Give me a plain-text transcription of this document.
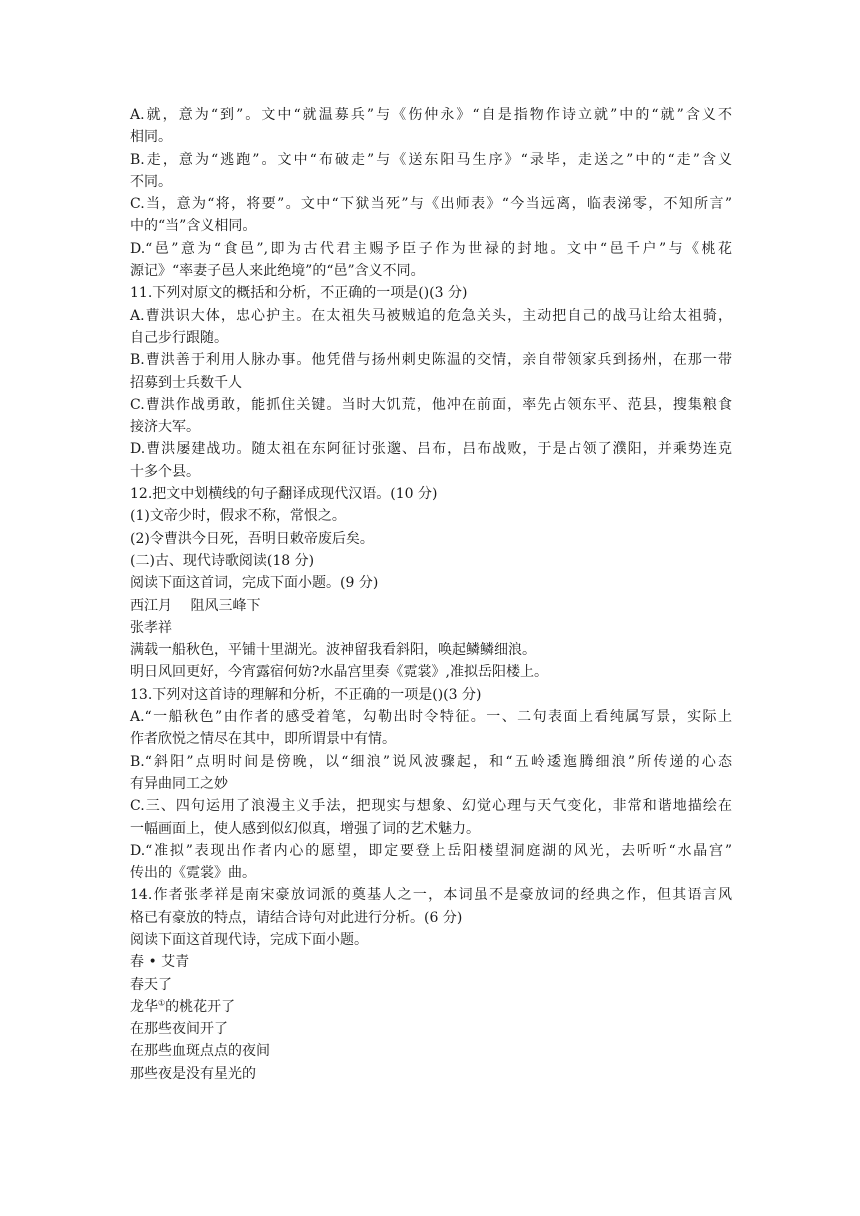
A.就，意为“到”。文中“就温募兵”与《伤仲永》“自是指物作诗立就”中的“就”含义不
相同。
B.走，意为“逃跑”。文中“布破走”与《送东阳马生序》“录毕，走送之”中的“走”含义
不同。
C.当，意为“将，将要”。文中“下狱当死”与《出师表》“今当远离，临表涕零，不知所言”
中的“当”含义相同。
D.“邑”意为“食邑”,即为古代君主赐予臣子作为世禄的封地。文中“邑千户”与《桃花
源记》“率妻子邑人来此绝境”的“邑”含义不同。
11.下列对原文的概括和分析，不正确的一项是()(3 分)
A.曹洪识大体，忠心护主。在太祖失马被贼追的危急关头，主动把自己的战马让给太祖骑，
自己步行跟随。
B.曹洪善于利用人脉办事。他凭借与扬州刺史陈温的交情，亲自带领家兵到扬州，在那一带
招募到士兵数千人
C.曹洪作战勇敢，能抓住关键。当时大饥荒，他冲在前面，率先占领东平、范县，搜集粮食
接济大军。
D.曹洪屡建战功。随太祖在东阿征讨张邈、吕布，吕布战败，于是占领了濮阳，并乘势连克
十多个县。
12.把文中划横线的句子翻译成现代汉语。(10 分)
(1)文帝少时，假求不称，常恨之。
(2)令曹洪今日死，吾明日敕帝废后矣。
(二)古、现代诗歌阅读(18 分)
阅读下面这首词，完成下面小题。(9 分)
西江月　 阻风三峰下
张孝祥
满载一船秋色，平铺十里湖光。波神留我看斜阳，唤起鳞鳞细浪。
明日风回更好，今宵露宿何妨?水晶宫里奏《霓裳》,准拟岳阳楼上。
13.下列对这首诗的理解和分析，不正确的一项是()(3 分)
A.“一船秋色”由作者的感受着笔，勾勒出时令特征。一、二句表面上看纯属写景，实际上
作者欣悦之情尽在其中，即所谓景中有情。
B.“斜阳”点明时间是傍晚，以“细浪”说风波骤起，和“五岭逶迤腾细浪”所传递的心态
有异曲同工之妙
C.三、四句运用了浪漫主义手法，把现实与想象、幻觉心理与天气变化，非常和谐地描绘在
一幅画面上，使人感到似幻似真，增强了词的艺术魅力。
D.“准拟”表现出作者内心的愿望，即定要登上岳阳楼望洞庭湖的风光，去听听“水晶宫”
传出的《霓裳》曲。
14.作者张孝祥是南宋豪放词派的奠基人之一，本词虽不是豪放词的经典之作，但其语言风
格已有豪放的特点，请结合诗句对此进行分析。(6 分)
阅读下面这首现代诗，完成下面小题。
春 • 艾青
春天了
龙华①的桃花开了
在那些夜间开了
在那些血斑点点的夜间
那些夜是没有星光的
